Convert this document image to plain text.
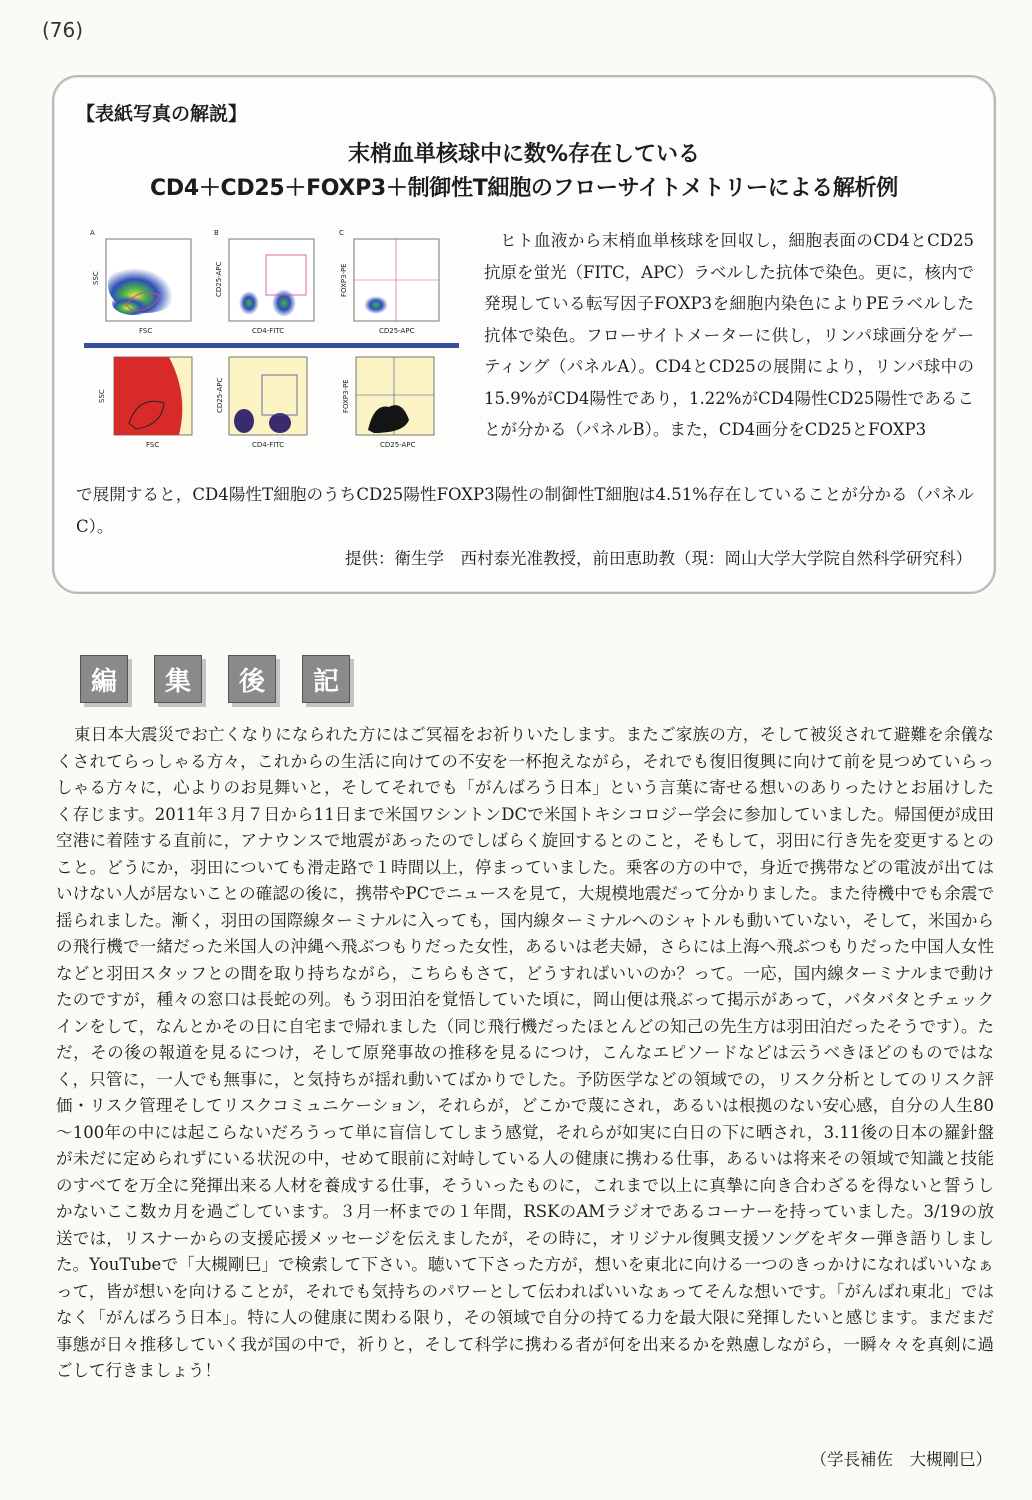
(76)
【表紙写真の解説】
末梢血単核球中に数%存在している
CD4＋CD25＋FOXP3＋制御性T細胞のフローサイトメトリーによる解析例
A
FSC
SSC
B
CD4-FITC
CD25-APC
C
CD25-APC
FOXP3-PE
FSC
SSC
CD4-FITC
CD25-APC
CD25-APC
FOXP3-PE
ヒト血液から末梢血単核球を回収し，細胞表面のCD4とCD25抗原を蛍光（FITC，APC）ラベルした抗体で染色。更に，核内で発現している転写因子FOXP3を細胞内染色によりPEラベルした抗体で染色。フローサイトメーターに供し，リンパ球画分をゲーティング（パネルA）。CD4とCD25の展開により，リンパ球中の15.9%がCD4陽性であり，1.22%がCD4陽性CD25陽性であることが分かる（パネルB）。また，CD4画分をCD25とFOXP3
で展開すると，CD4陽性T細胞のうちCD25陽性FOXP3陽性の制御性T細胞は4.51%存在していることが分かる（パネルC）。
提供：衛生学　西村泰光准教授，前田恵助教（現：岡山大学大学院自然科学研究科）
編	集	後	記
東日本大震災でお亡くなりになられた方にはご冥福をお祈りいたします。またご家族の方，そして被災されて避難を余儀なくされてらっしゃる方々，これからの生活に向けての不安を一杯抱えながら，それでも復旧復興に向けて前を見つめていらっしゃる方々に，心よりのお見舞いと，そしてそれでも「がんばろう日本」という言葉に寄せる想いのありったけとお届けしたく存じます。2011年３月７日から11日まで米国ワシントンDCで米国トキシコロジー学会に参加していました。帰国便が成田空港に着陸する直前に，アナウンスで地震があったのでしばらく旋回するとのこと，そもして，羽田に行き先を変更するとのこと。どうにか，羽田についても滑走路で１時間以上，停まっていました。乗客の方の中で，身近で携帯などの電波が出てはいけない人が居ないことの確認の後に，携帯やPCでニュースを見て，大規模地震だって分かりました。また待機中でも余震で揺られました。漸く，羽田の国際線ターミナルに入っても，国内線ターミナルへのシャトルも動いていない，そして，米国からの飛行機で一緒だった米国人の沖縄へ飛ぶつもりだった女性，あるいは老夫婦，さらには上海へ飛ぶつもりだった中国人女性などと羽田スタッフとの間を取り持ちながら，こちらもさて，どうすればいいのか？って。一応，国内線ターミナルまで動けたのですが，種々の窓口は長蛇の列。もう羽田泊を覚悟していた頃に，岡山便は飛ぶって掲示があって，バタバタとチェックインをして，なんとかその日に自宅まで帰れました（同じ飛行機だったほとんどの知己の先生方は羽田泊だったそうです）。ただ，その後の報道を見るにつけ，そして原発事故の推移を見るにつけ，こんなエピソードなどは云うべきほどのものではなく，只管に，一人でも無事に，と気持ちが揺れ動いてばかりでした。予防医学などの領域での，リスク分析としてのリスク評価・リスク管理そしてリスクコミュニケーション，それらが，どこかで蔑にされ，あるいは根拠のない安心感，自分の人生80～100年の中には起こらないだろうって単に盲信してしまう感覚，それらが如実に白日の下に晒され，3.11後の日本の羅針盤が未だに定められずにいる状況の中，せめて眼前に対峙している人の健康に携わる仕事，あるいは将来その領域で知識と技能のすべてを万全に発揮出来る人材を養成する仕事，そういったものに，これまで以上に真摯に向き合わざるを得ないと誓うしかないここ数カ月を過ごしています。３月一杯までの１年間，RSKのAMラジオであるコーナーを持っていました。3/19の放送では，リスナーからの支援応援メッセージを伝えましたが，その時に，オリジナル復興支援ソングをギター弾き語りしました。YouTubeで「大槻剛巳」で検索して下さい。聴いて下さった方が，想いを東北に向ける一つのきっかけになればいいなぁって，皆が想いを向けることが，それでも気持ちのパワーとして伝わればいいなぁってそんな想いです。「がんばれ東北」ではなく「がんばろう日本」。特に人の健康に関わる限り，その領域で自分の持てる力を最大限に発揮したいと感じます。まだまだ事態が日々推移していく我が国の中で，祈りと，そして科学に携わる者が何を出来るかを熟慮しながら，一瞬々々を真剣に過ごして行きましょう！
（学長補佐　大槻剛巳）
